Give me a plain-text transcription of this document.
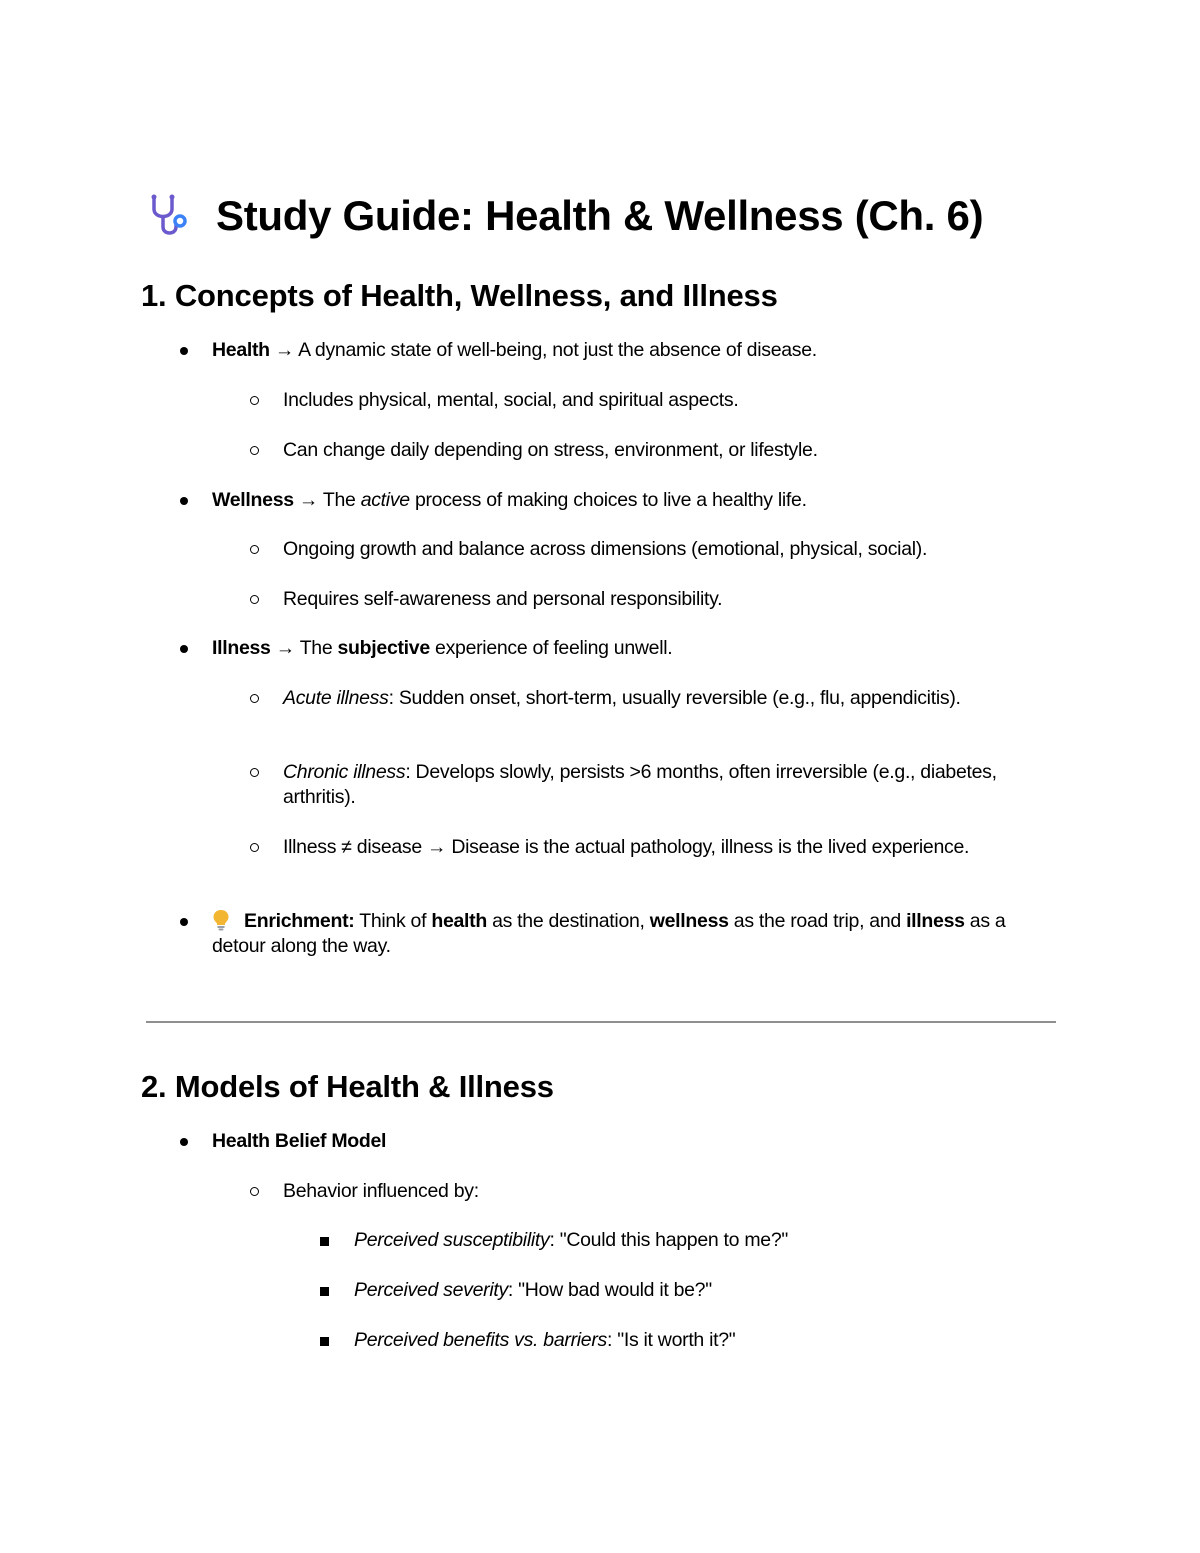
Study Guide: Health & Wellness (Ch. 6)
1. Concepts of Health, Wellness, and Illness
Health → A dynamic state of well-being, not just the absence of disease.
Includes physical, mental, social, and spiritual aspects.
Can change daily depending on stress, environment, or lifestyle.
Wellness → The active process of making choices to live a healthy life.
Ongoing growth and balance across dimensions (emotional, physical, social).
Requires self-awareness and personal responsibility.
Illness → The subjective experience of feeling unwell.
Acute illness: Sudden onset, short-term, usually reversible (e.g., flu, appendicitis).
Chronic illness: Develops slowly, persists >6 months, often irreversible (e.g., diabetes, arthritis).
Illness ≠ disease → Disease is the actual pathology, illness is the lived experience.
Enrichment: Think of health as the destination, wellness as the road trip, and illness as a detour along the way.
2. Models of Health & Illness
Health Belief Model
Behavior influenced by:
Perceived susceptibility: "Could this happen to me?"
Perceived severity: "How bad would it be?"
Perceived benefits vs. barriers: "Is it worth it?"
